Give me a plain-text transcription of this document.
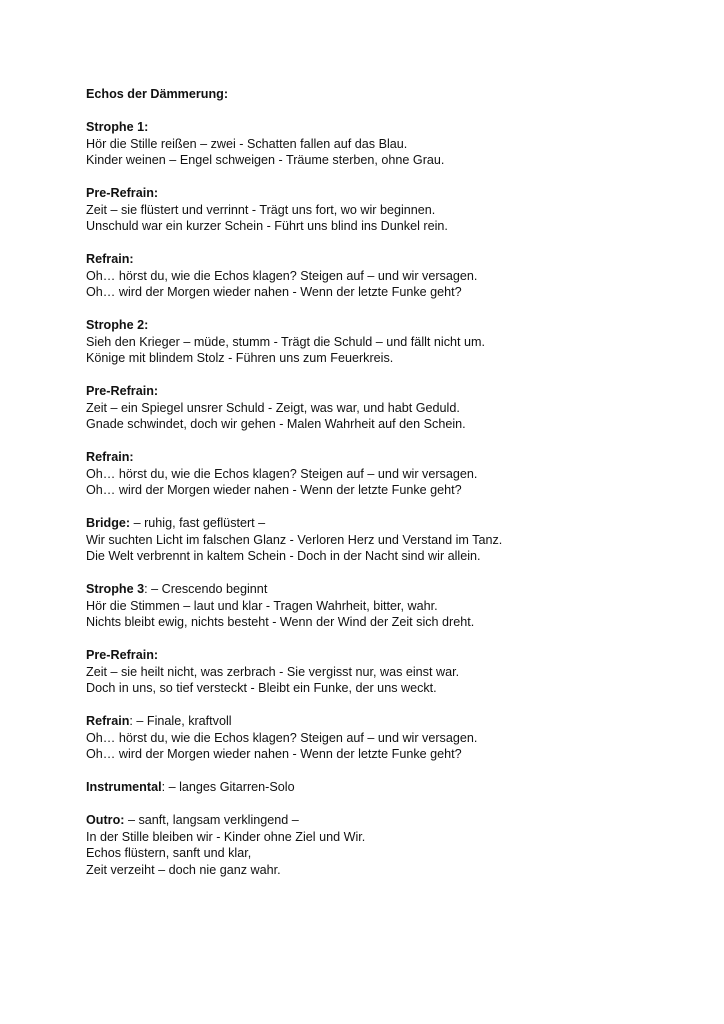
Echos der Dämmerung:
Strophe 1:
Hör die Stille reißen – zwei - Schatten fallen auf das Blau.
Kinder weinen – Engel schweigen - Träume sterben, ohne Grau.
Pre-Refrain:
Zeit – sie flüstert und verrinnt - Trägt uns fort, wo wir beginnen.
Unschuld war ein kurzer Schein - Führt uns blind ins Dunkel rein.
Refrain:
Oh… hörst du, wie die Echos klagen? Steigen auf – und wir versagen.
Oh… wird der Morgen wieder nahen - Wenn der letzte Funke geht?
Strophe 2:
Sieh den Krieger – müde, stumm - Trägt die Schuld – und fällt nicht um.
Könige mit blindem Stolz - Führen uns zum Feuerkreis.
Pre-Refrain:
Zeit – ein Spiegel unsrer Schuld - Zeigt, was war, und habt Geduld.
Gnade schwindet, doch wir gehen - Malen Wahrheit auf den Schein.
Refrain:
Oh… hörst du, wie die Echos klagen? Steigen auf – und wir versagen.
Oh… wird der Morgen wieder nahen - Wenn der letzte Funke geht?
Bridge: – ruhig, fast geflüstert –
Wir suchten Licht im falschen Glanz - Verloren Herz und Verstand im Tanz.
Die Welt verbrennt in kaltem Schein - Doch in der Nacht sind wir allein.
Strophe 3: – Crescendo beginnt
Hör die Stimmen – laut und klar - Tragen Wahrheit, bitter, wahr.
Nichts bleibt ewig, nichts besteht - Wenn der Wind der Zeit sich dreht.
Pre-Refrain:
Zeit – sie heilt nicht, was zerbrach - Sie vergisst nur, was einst war.
Doch in uns, so tief versteckt - Bleibt ein Funke, der uns weckt.
Refrain: – Finale, kraftvoll
Oh… hörst du, wie die Echos klagen? Steigen auf – und wir versagen.
Oh… wird der Morgen wieder nahen - Wenn der letzte Funke geht?
Instrumental: – langes Gitarren-Solo
Outro: – sanft, langsam verklingend –
In der Stille bleiben wir - Kinder ohne Ziel und Wir.
Echos flüstern, sanft und klar,
Zeit verzeiht – doch nie ganz wahr.
